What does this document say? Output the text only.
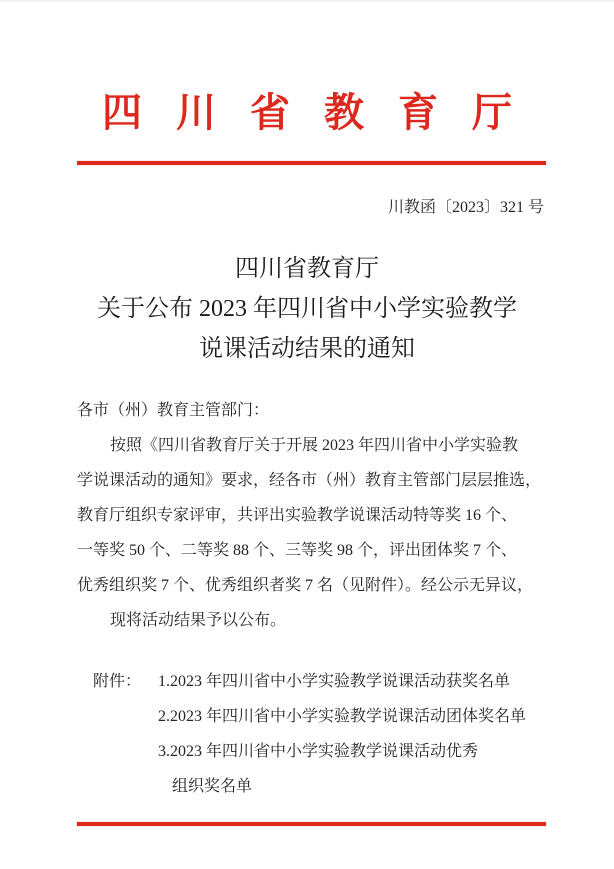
四川省教育厅
川教函〔2023〕321 号
四川省教育厅
关于公布 2023 年四川省中小学实验教学
说课活动结果的通知
各市（州）教育主管部门：
按照《四川省教育厅关于开展 2023 年四川省中小学实验教
学说课活动的通知》要求，经各市（州）教育主管部门层层推选，
教育厅组织专家评审，共评出实验教学说课活动特等奖 16 个、
一等奖 50 个、二等奖 88 个、三等奖 98 个，评出团体奖 7 个、
优秀组织奖 7 个、优秀组织者奖 7 名（见附件）。经公示无异议，
现将活动结果予以公布。
附件： 1.2023 年四川省中小学实验教学说课活动获奖名单
2.2023 年四川省中小学实验教学说课活动团体奖名单
3.2023 年四川省中小学实验教学说课活动优秀
组织奖名单
